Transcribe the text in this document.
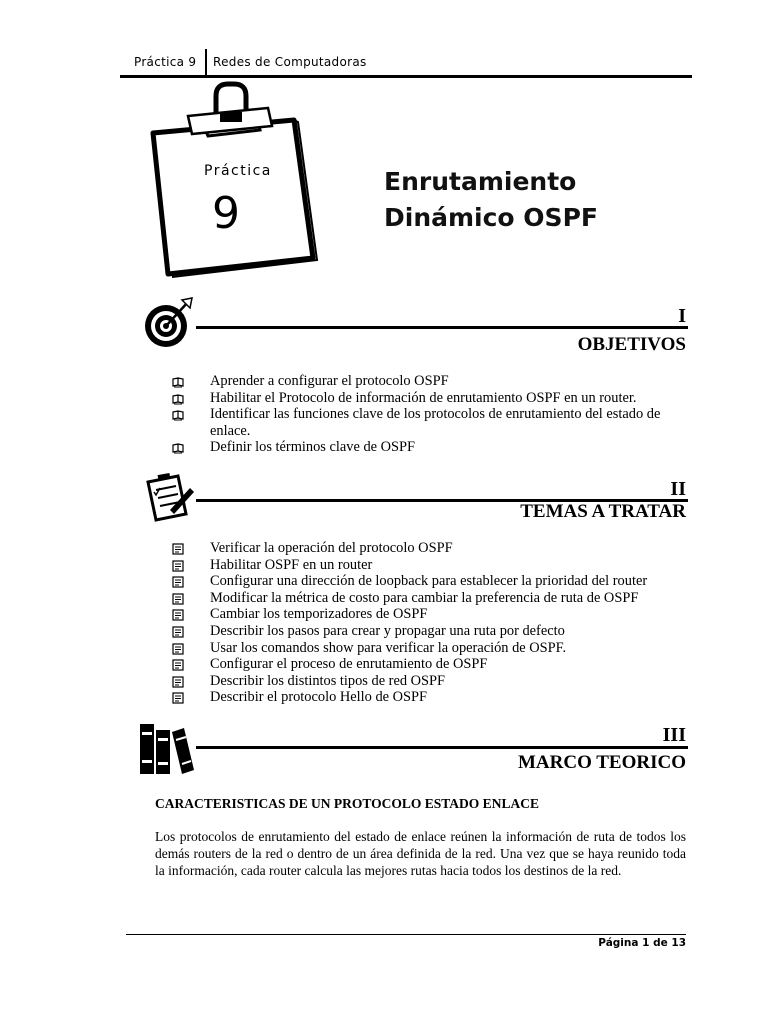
Práctica 9 Redes de Computadoras
Práctica
9
Enrutamiento
Dinámico OSPF
I
OBJETIVOS
Aprender a configurar el protocolo OSPF
Habilitar el Protocolo de información de enrutamiento OSPF en un router.
Identificar las funciones clave de los protocolos de enrutamiento del estado de enlace.
Definir los términos clave de OSPF
II
TEMAS A TRATAR
Verificar la operación del protocolo OSPF
Habilitar OSPF en un router
Configurar una dirección de loopback para establecer la prioridad del router
Modificar la métrica de costo para cambiar la preferencia de ruta de OSPF
Cambiar los temporizadores de OSPF
Describir los pasos para crear y propagar una ruta por defecto
Usar los comandos show para verificar la operación de OSPF.
Configurar el proceso de enrutamiento de OSPF
Describir los distintos tipos de red OSPF
Describir el protocolo Hello de OSPF
III
MARCO TEORICO
CARACTERISTICAS DE UN PROTOCOLO ESTADO ENLACE
Los protocolos de enrutamiento del estado de enlace reúnen la información de ruta de todos los demás routers de la red o dentro de un área definida de la red. Una vez que se haya reunido toda la información, cada router calcula las mejores rutas hacia todos los destinos de la red.
Página 1 de 13
